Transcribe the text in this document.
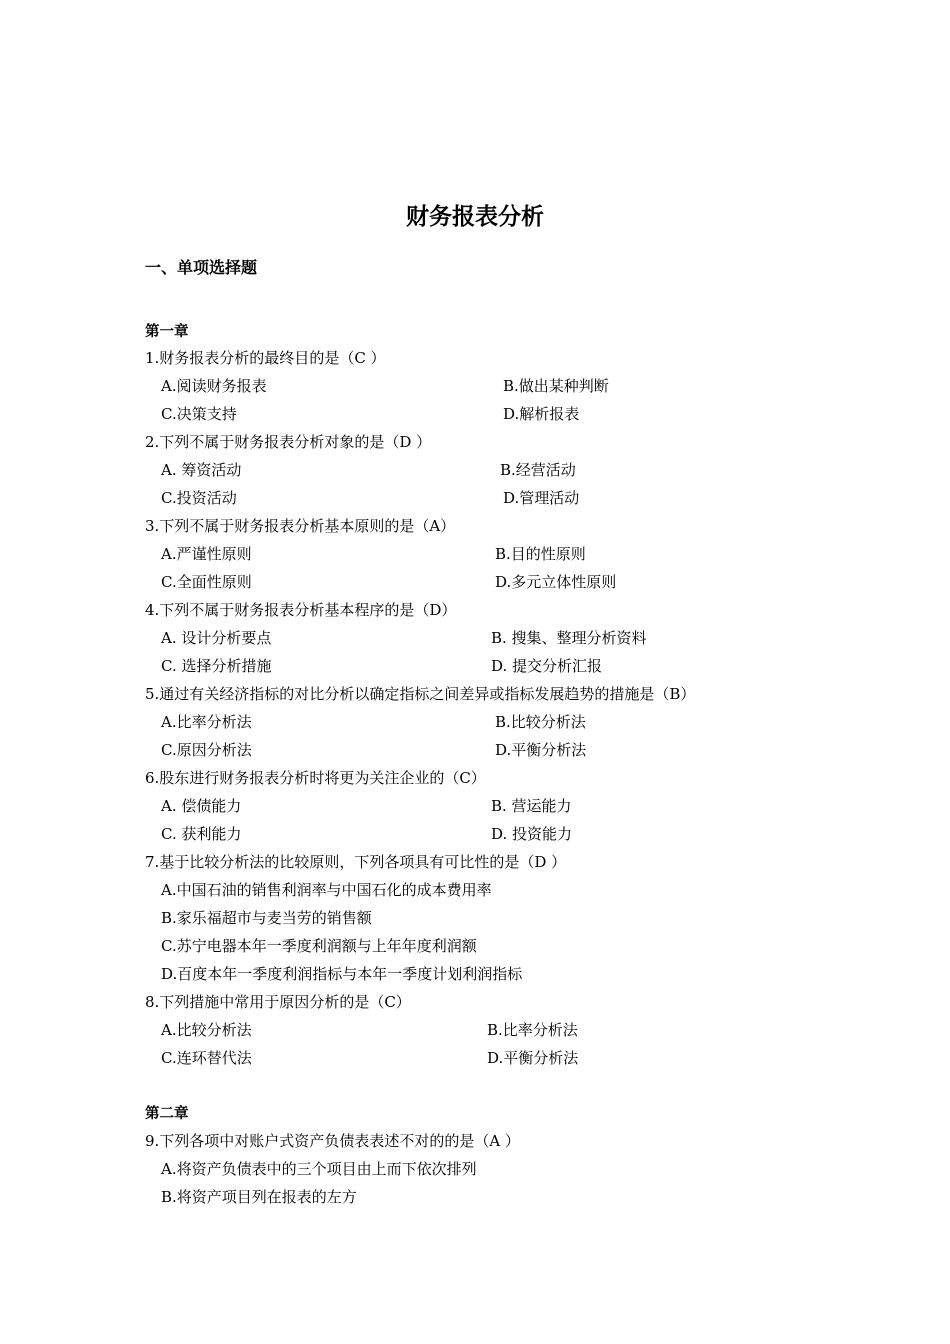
财务报表分析
一、单项选择题
第一章
1.财务报表分析的最终目的是（C ）
A.阅读财务报表	B.做出某种判断
C.决策支持	D.解析报表
2.下列不属于财务报表分析对象的是（D ）
A. 筹资活动	B.经营活动
C.投资活动	D.管理活动
3.下列不属于财务报表分析基本原则的是（A）
A.严谨性原则	B.目的性原则
C.全面性原则	D.多元立体性原则
4.下列不属于财务报表分析基本程序的是（D）
A. 设计分析要点	B. 搜集、整理分析资料
C. 选择分析措施	D. 提交分析汇报
5.通过有关经济指标的对比分析以确定指标之间差异或指标发展趋势的措施是（B）
A.比率分析法	B.比较分析法
C.原因分析法	D.平衡分析法
6.股东进行财务报表分析时将更为关注企业的（C）
A. 偿债能力	B. 营运能力
C. 获利能力	D. 投资能力
7.基于比较分析法的比较原则，下列各项具有可比性的是（D ）
A.中国石油的销售利润率与中国石化的成本费用率
B.家乐福超市与麦当劳的销售额
C.苏宁电器本年一季度利润额与上年年度利润额
D.百度本年一季度利润指标与本年一季度计划利润指标
8.下列措施中常用于原因分析的是（C）
A.比较分析法	B.比率分析法
C.连环替代法	D.平衡分析法
第二章
9.下列各项中对账户式资产负债表表述不对的的是（A ）
A.将资产负债表中的三个项目由上而下依次排列
B.将资产项目列在报表的左方
